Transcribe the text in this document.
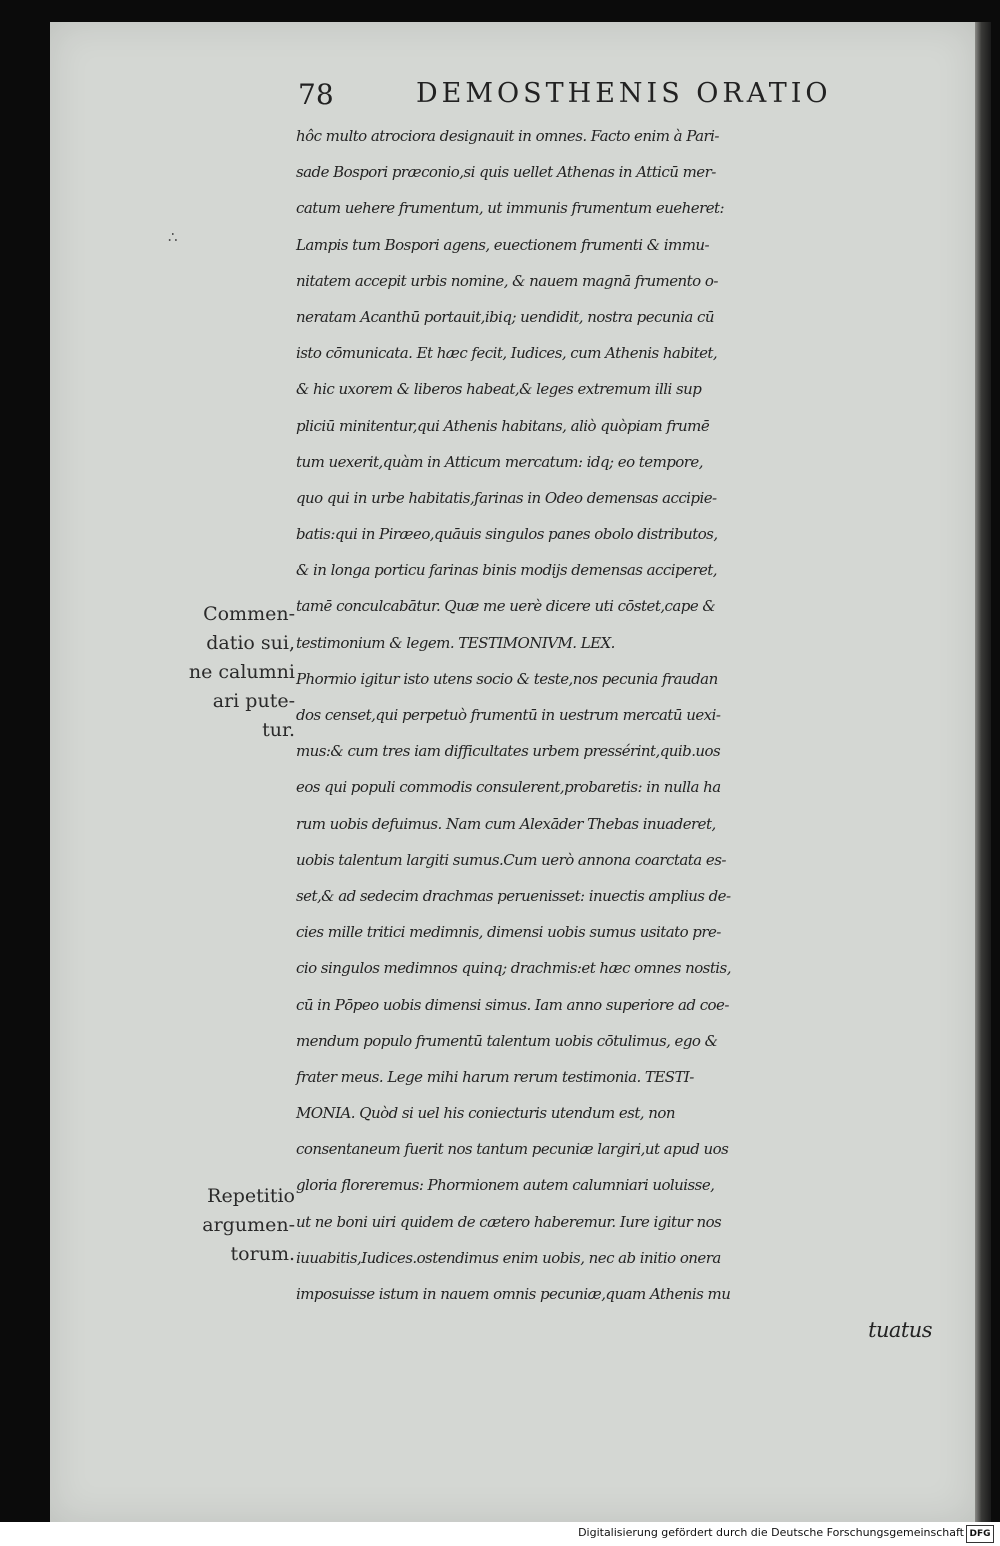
78	DEMOSTHENIS ORATIO
∴
Commen-
datio sui,
ne calumni
ari pute-
tur.
Repetitio
argumen-
torum.
hôc multo atrociora designauit in omnes. Facto enim à Pari-
sade Bospori præconio,si quis uellet Athenas in Atticū mer-
catum uehere frumentum, ut immunis frumentum eueheret:
Lampis tum Bospori agens, euectionem frumenti & immu-
nitatem accepit urbis nomine, & nauem magnā frumento o-
neratam Acanthū portauit,ibiq; uendidit, nostra pecunia cū
isto cōmunicata. Et hæc fecit, Iudices, cum Athenis habitet,
& hic uxorem & liberos habeat,& leges extremum illi sup
pliciū minitentur,qui Athenis habitans, aliò quòpiam frumē
tum uexerit,quàm in Atticum mercatum: idq; eo tempore,
quo qui in urbe habitatis,farinas in Odeo demensas accipie-
batis:qui in Piræeo,quāuis singulos panes obolo distributos,
& in longa porticu farinas binis modijs demensas acciperet,
tamē conculcabātur. Quæ me uerè dicere uti cōstet,cape &
testimonium & legem. TESTIMONIVM. LEX.
Phormio igitur isto utens socio & teste,nos pecunia fraudan
dos censet,qui perpetuò frumentū in uestrum mercatū uexi-
mus:& cum tres iam difficultates urbem pressérint,quib.uos
eos qui populi commodis consulerent,probaretis: in nulla ha
rum uobis defuimus. Nam cum Alexāder Thebas inuaderet,
uobis talentum largiti sumus.Cum uerò annona coarctata es-
set,& ad sedecim drachmas peruenisset: inuectis amplius de-
cies mille tritici medimnis, dimensi uobis sumus usitato pre-
cio singulos medimnos quinq; drachmis:et hæc omnes nostis,
cū in Pōpeo uobis dimensi simus. Iam anno superiore ad coe-
mendum populo frumentū talentum uobis cōtulimus, ego &
frater meus. Lege mihi harum rerum testimonia. TESTI-
MONIA. Quòd si uel his coniecturis utendum est, non
consentaneum fuerit nos tantum pecuniæ largiri,ut apud uos
gloria floreremus: Phormionem autem calumniari uoluisse,
ut ne boni uiri quidem de cætero haberemur. Iure igitur nos
iuuabitis,Iudices.ostendimus enim uobis, nec ab initio onera
imposuisse istum in nauem omnis pecuniæ,quam Athenis mu
tuatus
Digitalisierung gefördert durch die Deutsche Forschungsgemeinschaft DFG
